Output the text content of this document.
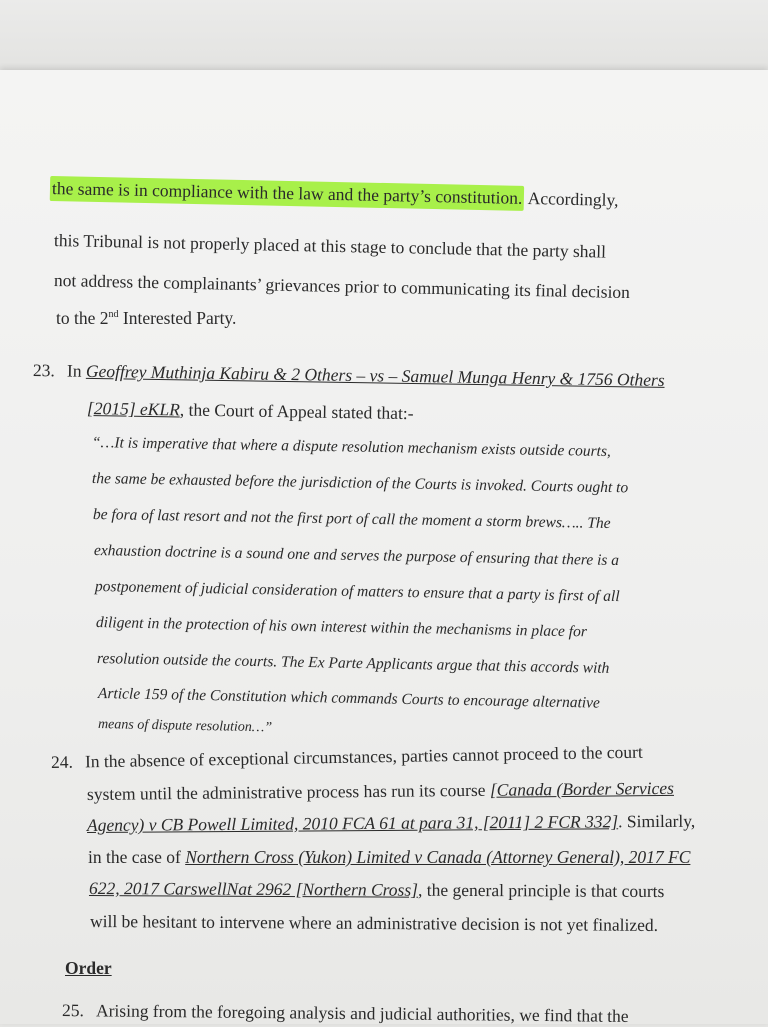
the same is in compliance with the law and the party’s constitution. Accordingly,
this Tribunal is not properly placed at this stage to conclude that the party shall
not address the complainants’ grievances prior to communicating its final decision
to the 2nd Interested Party.
23. In Geoffrey Muthinja Kabiru & 2 Others – vs – Samuel Munga Henry & 1756 Others
[2015] eKLR, the Court of Appeal stated that:-
“…It is imperative that where a dispute resolution mechanism exists outside courts,
the same be exhausted before the jurisdiction of the Courts is invoked. Courts ought to
be fora of last resort and not the first port of call the moment a storm brews….. The
exhaustion doctrine is a sound one and serves the purpose of ensuring that there is a
postponement of judicial consideration of matters to ensure that a party is first of all
diligent in the protection of his own interest within the mechanisms in place for
resolution outside the courts. The Ex Parte Applicants argue that this accords with
Article 159 of the Constitution which commands Courts to encourage alternative
means of dispute resolution…”
24. In the absence of exceptional circumstances, parties cannot proceed to the court
system until the administrative process has run its course [Canada (Border Services
Agency) v CB Powell Limited, 2010 FCA 61 at para 31, [2011] 2 FCR 332]. Similarly,
in the case of Northern Cross (Yukon) Limited v Canada (Attorney General), 2017 FC
622, 2017 CarswellNat 2962 [Northern Cross], the general principle is that courts
will be hesitant to intervene where an administrative decision is not yet finalized.
Order
25. Arising from the foregoing analysis and judicial authorities, we find that the
